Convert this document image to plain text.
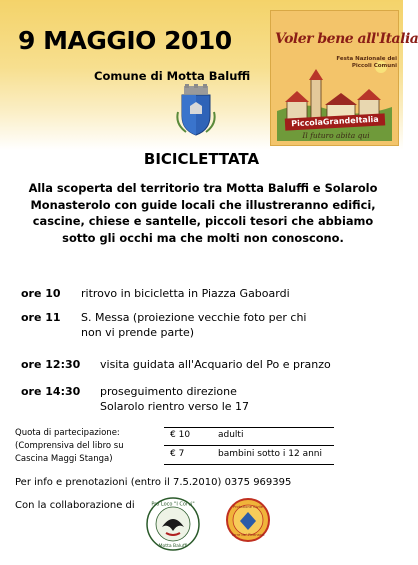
9 MAGGIO 2010
Comune di Motta Baluffi
Voler bene all'Italia
Festa Nazionale dei
Piccoli Comuni
PiccolaGrandeItalia
Il futuro abita qui
BICICLETTATA
Alla scoperta del territorio tra Motta Baluffi e Solarolo Monasterolo con guide locali che illustreranno edifici, cascine, chiese e santelle, piccoli tesori che abbiamo sotto gli occhi ma che molti non conoscono.
ore 10 ritrovo in bicicletta in Piazza Gaboardi
ore 11 S. Messa (proiezione vecchie foto per chi non vi prende parte)
ore 12:30 visita guidata all'Acquario del Po e pranzo
ore 14:30 proseguimento direzione Solarolo rientro verso le 17
Quota di partecipazione:
(Comprensiva del libro su
Cascina Maggi Stanga)
€ 10	adulti
€ 7	bambini sotto i 12 anni
Per info e prenotazioni (entro il 7.5.2010) 0375 969395
Con la collaborazione di	Pro Loco "I Corvi"
Motta Baluffi
Protezione Civile
Torre de' Picenardi
